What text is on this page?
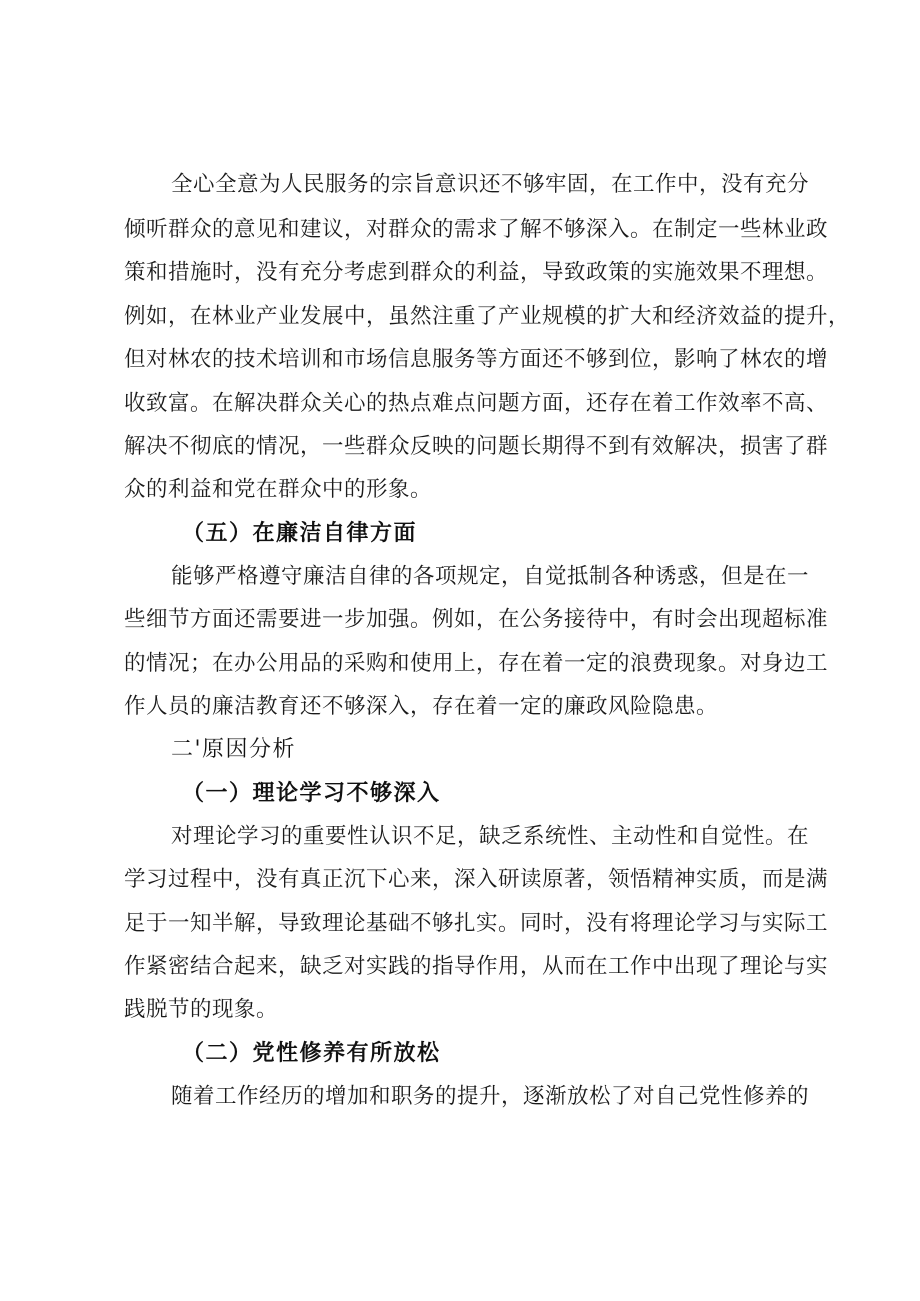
全心全意为人民服务的宗旨意识还不够牢固，在工作中，没有充分
倾听群众的意见和建议，对群众的需求了解不够深入。在制定一些林业政
策和措施时，没有充分考虑到群众的利益，导致政策的实施效果不理想。
例如，在林业产业发展中，虽然注重了产业规模的扩大和经济效益的提升，
但对林农的技术培训和市场信息服务等方面还不够到位，影响了林农的增
收致富。在解决群众关心的热点难点问题方面，还存在着工作效率不高、
解决不彻底的情况，一些群众反映的问题长期得不到有效解决，损害了群
众的利益和党在群众中的形象。
（五）在廉洁自律方面
能够严格遵守廉洁自律的各项规定，自觉抵制各种诱惑，但是在一
些细节方面还需要进一步加强。例如，在公务接待中，有时会出现超标准
的情况；在办公用品的采购和使用上，存在着一定的浪费现象。对身边工
作人员的廉洁教育还不够深入，存在着一定的廉政风险隐患。
二'原因分析
（一）理论学习不够深入
对理论学习的重要性认识不足，缺乏系统性、主动性和自觉性。在
学习过程中，没有真正沉下心来，深入研读原著，领悟精神实质，而是满
足于一知半解，导致理论基础不够扎实。同时，没有将理论学习与实际工
作紧密结合起来，缺乏对实践的指导作用，从而在工作中出现了理论与实
践脱节的现象。
（二）党性修养有所放松
随着工作经历的增加和职务的提升，逐渐放松了对自己党性修养的
